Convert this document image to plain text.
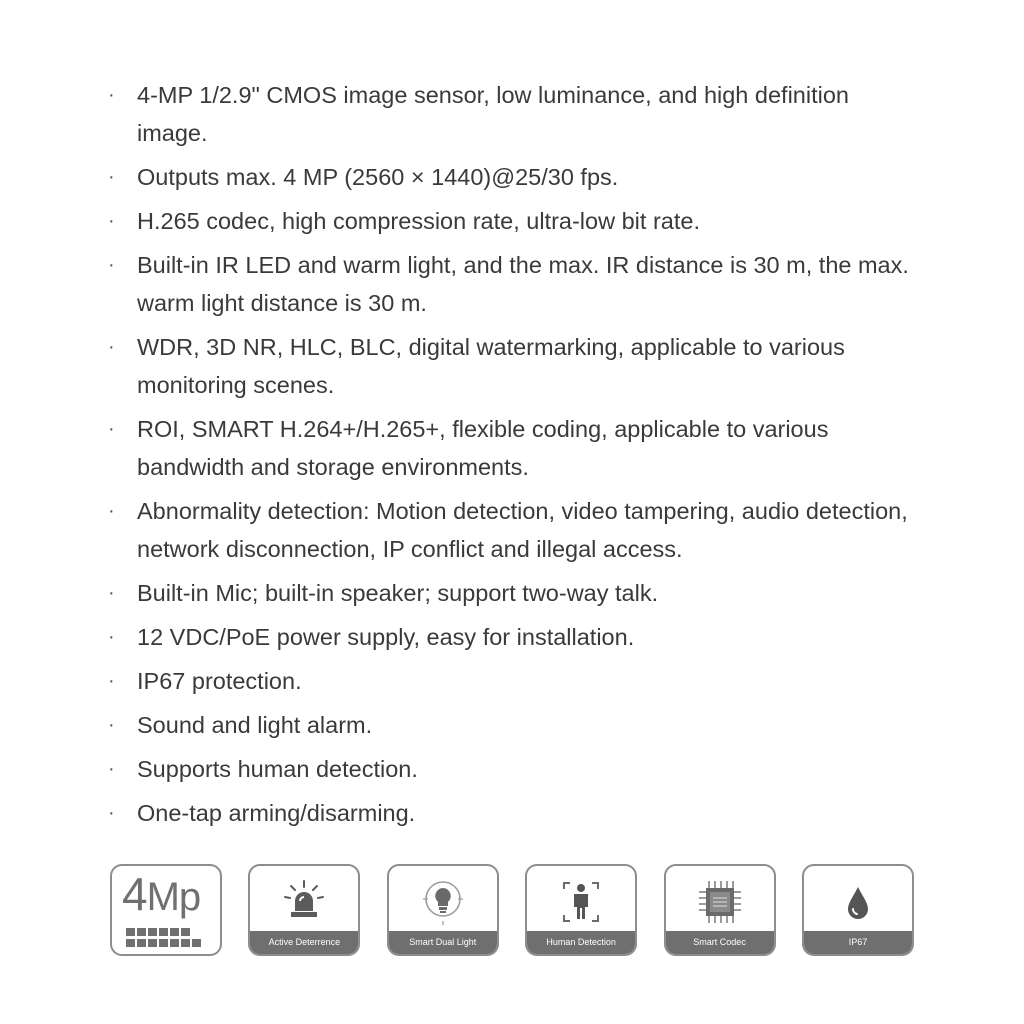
· 4-MP 1/2.9" CMOS image sensor, low luminance, and high definition image.
· Outputs max. 4 MP (2560 × 1440)@25/30 fps.
· H.265 codec, high compression rate, ultra-low bit rate.
· Built-in IR LED and warm light, and the max. IR distance is 30 m, the max. warm light distance is 30 m.
· WDR, 3D NR, HLC, BLC, digital watermarking, applicable to various monitoring scenes.
· ROI, SMART H.264+/H.265+, flexible coding, applicable to various bandwidth and storage environments.
· Abnormality detection: Motion detection, video tampering, audio detection, network disconnection, IP conflict and illegal access.
· Built-in Mic; built-in speaker; support two-way talk.
· 12 VDC/PoE power supply, easy for installation.
· IP67 protection.
· Sound and light alarm.
· Supports human detection.
· One-tap arming/disarming.
4Mp
Active Deterrence	Smart Dual Light	Human Detection	Smart Codec	IP67
